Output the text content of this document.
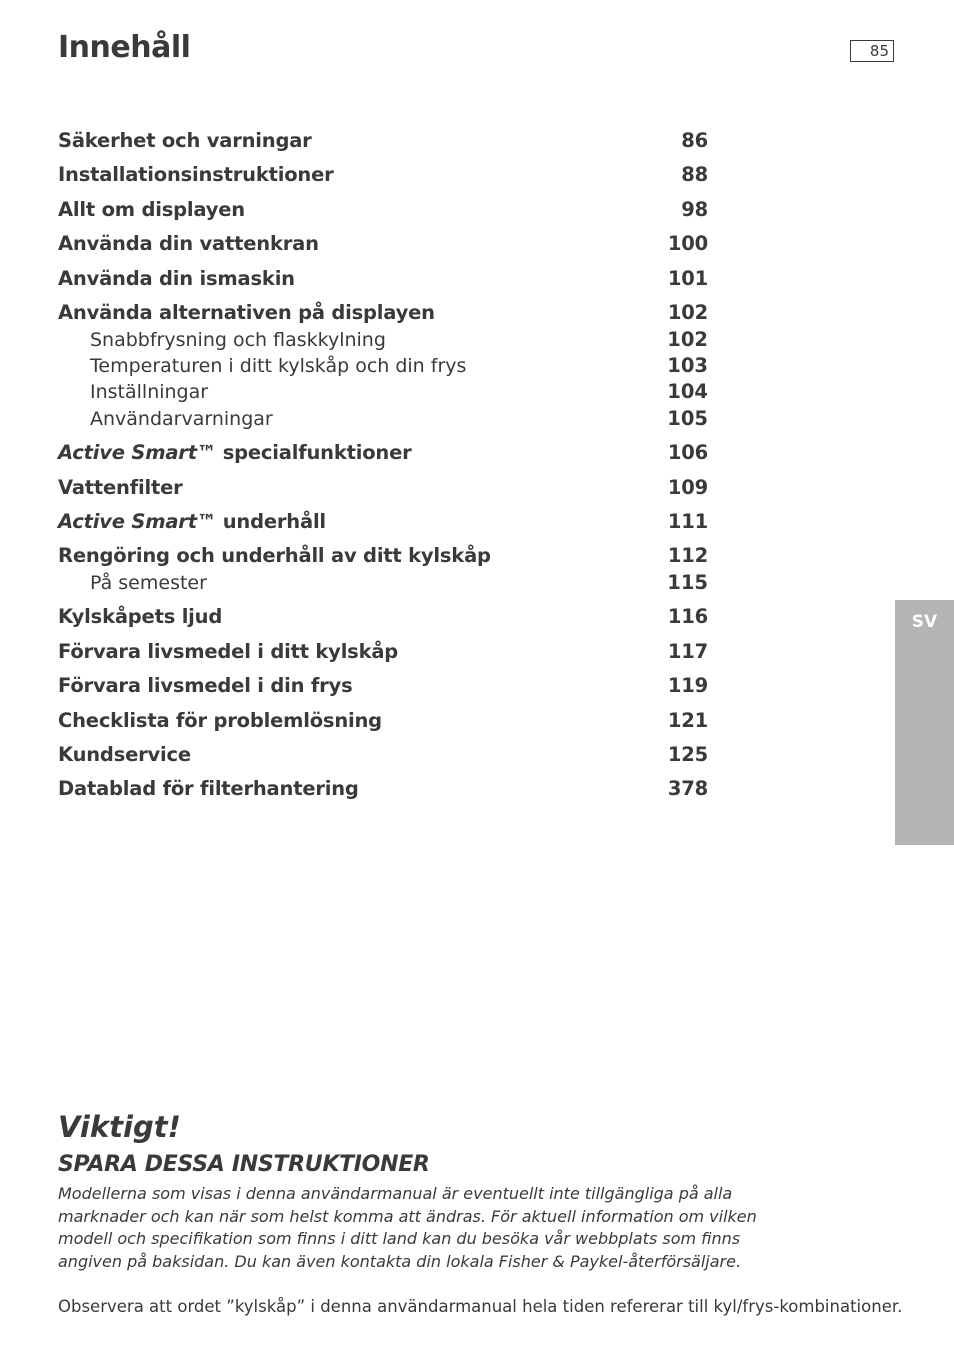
Innehåll	85
SV
Säkerhet och varningar	86
Installationsinstruktioner	88
Allt om displayen	98
Använda din vattenkran	100
Använda din ismaskin	101
Använda alternativen på displayen	102
Snabbfrysning och flaskkylning	102
Temperaturen i ditt kylskåp och din frys	103
Inställningar	104
Användarvarningar	105
Active Smart™ specialfunktioner	106
Vattenfilter	109
Active Smart™ underhåll	111
Rengöring och underhåll av ditt kylskåp	112
På semester	115
Kylskåpets ljud	116
Förvara livsmedel i ditt kylskåp	117
Förvara livsmedel i din frys	119
Checklista för problemlösning	121
Kundservice	125
Datablad för filterhantering	378
Viktigt!
SPARA DESSA INSTRUKTIONER

Modellerna som visas i denna användarmanual är eventuellt inte tillgängliga på alla
marknader och kan när som helst komma att ändras. För aktuell information om vilken
modell och specifikation som finns i ditt land kan du besöka vår webbplats som finns
angiven på baksidan. Du kan även kontakta din lokala Fisher & Paykel-återförsäljare.

Observera att ordet ”kylskåp” i denna användarmanual hela tiden refererar till kyl/frys-kombinationer.
